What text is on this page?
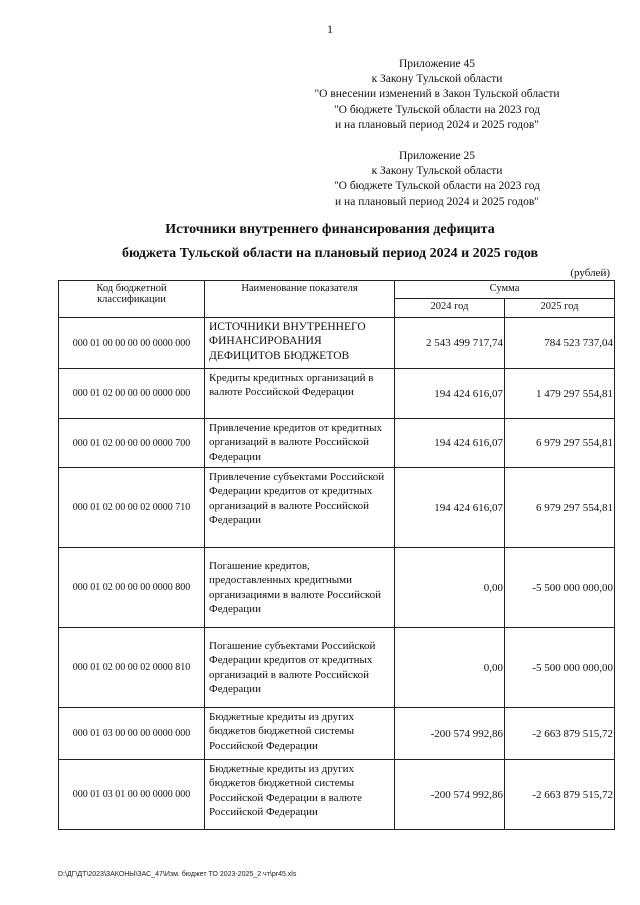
1
Приложение 45
к Закону Тульской области
"О внесении изменений в Закон Тульской области
"О бюджете Тульской области на 2023 год
и на плановый период 2024 и 2025 годов"
Приложение 25
к Закону Тульской области
"О бюджете Тульской области на 2023 год
и на плановый период 2024 и 2025 годов"
Источники внутреннего финансирования дефицита
бюджета Тульской области на плановый период 2024 и 2025 годов
(рублей)
Код бюджетной классификации	Наименование показателя	Сумма	
		2024 год	2025 год
000 01 00 00 00 00 0000 000	ИСТОЧНИКИ ВНУТРЕННЕГО ФИНАНСИРОВАНИЯ ДЕФИЦИТОВ БЮДЖЕТОВ	2 543 499 717,74	784 523 737,04
000 01 02 00 00 00 0000 000	Кредиты кредитных организаций в валюте Российской Федерации	194 424 616,07	1 479 297 554,81
000 01 02 00 00 00 0000 700	Привлечение кредитов от кредитных организаций в валюте Российской Федерации	194 424 616,07	6 979 297 554,81
000 01 02 00 00 02 0000 710	Привлечение субъектами Российской Федерации кредитов от кредитных организаций в валюте Российской Федерации	194 424 616,07	6 979 297 554,81
000 01 02 00 00 00 0000 800	Погашение кредитов, предоставленных кредитными организациями в валюте Российской Федерации	0,00	-5 500 000 000,00
000 01 02 00 00 02 0000 810	Погашение субъектами Российской Федерации кредитов от кредитных организаций в валюте Российской Федерации	0,00	-5 500 000 000,00
000 01 03 00 00 00 0000 000	Бюджетные кредиты из других бюджетов бюджетной системы Российской Федерации	-200 574 992,86	-2 663 879 515,72
000 01 03 01 00 00 0000 000	Бюджетные кредиты из других бюджетов бюджетной системы Российской Федерации в валюте Российской Федерации	-200 574 992,86	-2 663 879 515,72
D:\ДГ\ДТ\2023\ЗАКОНЫ\ЗАС_47\Изм. бюджет ТО 2023-2025_2 чт\pr45.xls
